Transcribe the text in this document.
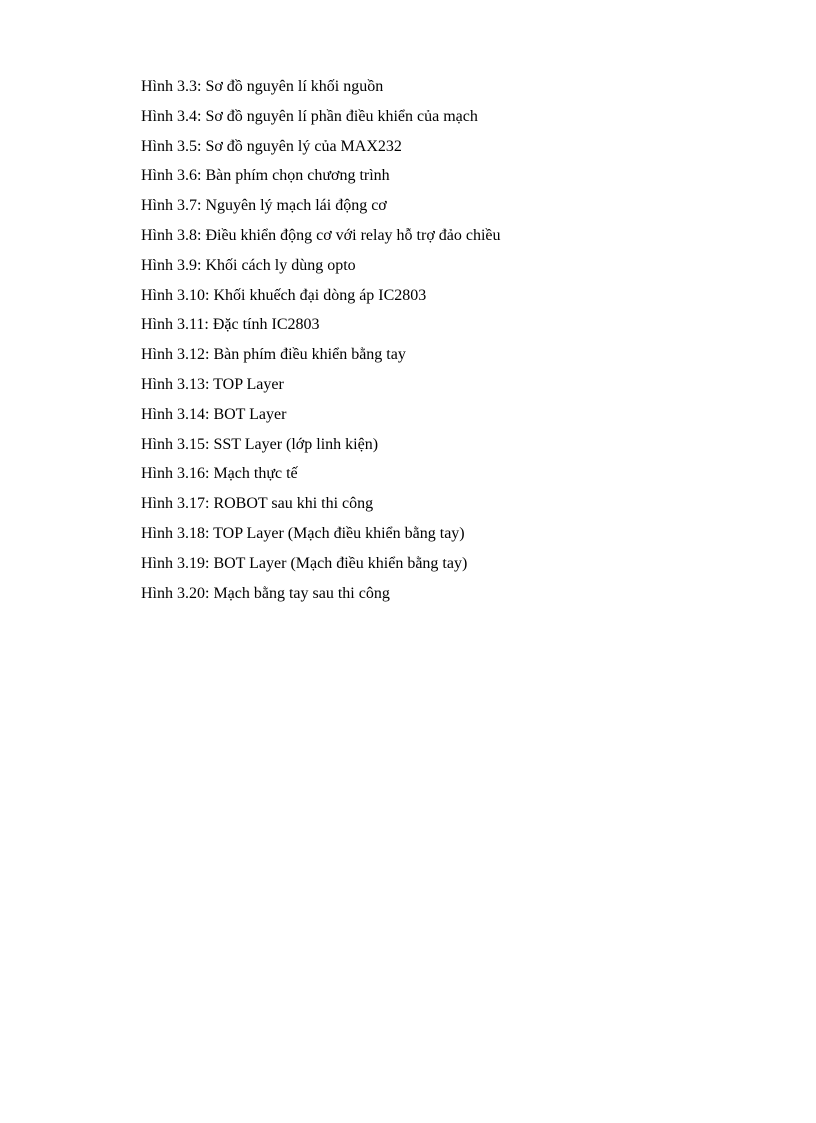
Hình 3.3: Sơ đồ nguyên lí khối nguồn
Hình 3.4: Sơ đồ nguyên lí phần điều khiển của mạch
Hình 3.5: Sơ đồ nguyên lý của MAX232
Hình 3.6: Bàn phím chọn chương trình
Hình 3.7: Nguyên lý mạch lái động cơ
Hình 3.8: Điều khiển động cơ với relay hỗ trợ đảo chiều
Hình 3.9: Khối cách ly dùng opto
Hình 3.10: Khối khuếch đại dòng áp IC2803
Hình 3.11: Đặc tính IC2803
Hình 3.12: Bàn phím điều khiển bằng tay
Hình 3.13: TOP Layer
Hình 3.14: BOT Layer
Hình 3.15: SST Layer (lớp linh kiện)
Hình 3.16: Mạch thực tế
Hình 3.17: ROBOT sau khi thi công
Hình 3.18: TOP Layer (Mạch điều khiển bằng tay)
Hình 3.19: BOT Layer (Mạch điều khiển bằng tay)
Hình 3.20: Mạch bằng tay sau thi công
